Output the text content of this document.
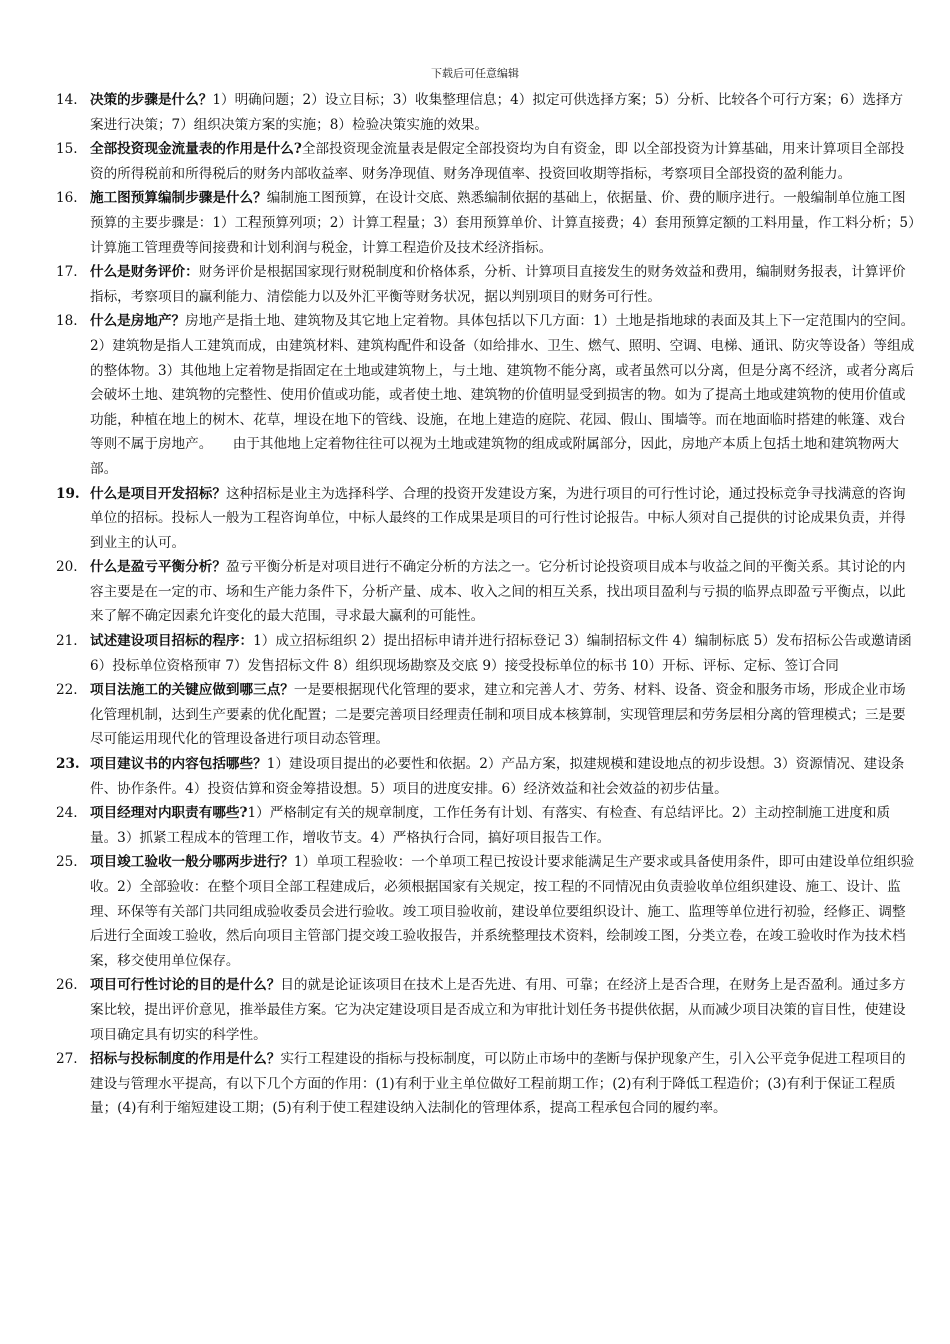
下载后可任意编辑
14. 决策的步骤是什么？1）明确问题；2）设立目标；3）收集整理信息；4）拟定可供选择方案；5）分析、比较各个可行方案；6）选择方案进行决策；7）组织决策方案的实施；8）检验决策实施的效果。
15. 全部投资现金流量表的作用是什么?全部投资现金流量表是假定全部投资均为自有资金，即 以全部投资为计算基础，用来计算项目全部投资的所得税前和所得税后的财务内部收益率、财务净现值、财务净现值率、投资回收期等指标，考察项目全部投资的盈利能力。
16. 施工图预算编制步骤是什么？编制施工图预算，在设计交底、熟悉编制依据的基础上，依据量、价、费的顺序进行。一般编制单位施工图预算的主要步骤是：1）工程预算列项；2）计算工程量；3）套用预算单价、计算直接费；4）套用预算定额的工料用量，作工料分析；5）计算施工管理费等间接费和计划利润与税金，计算工程造价及技术经济指标。
17. 什么是财务评价：财务评价是根据国家现行财税制度和价格体系，分析、计算项目直接发生的财务效益和费用，编制财务报表，计算评价指标，考察项目的赢利能力、清偿能力以及外汇平衡等财务状况，据以判别项目的财务可行性。
18. 什么是房地产？房地产是指土地、建筑物及其它地上定着物。具体包括以下几方面：1）土地是指地球的表面及其上下一定范围内的空间。2）建筑物是指人工建筑而成，由建筑材料、建筑构配件和设备（如给排水、卫生、燃气、照明、空调、电梯、通讯、防灾等设备）等组成的整体物。3）其他地上定着物是指固定在土地或建筑物上，与土地、建筑物不能分离，或者虽然可以分离，但是分离不经济，或者分离后会破坏土地、建筑物的完整性、使用价值或功能，或者使土地、建筑物的价值明显受到损害的物。如为了提高土地或建筑物的使用价值或功能，种植在地上的树木、花草，埋设在地下的管线、设施，在地上建造的庭院、花园、假山、围墙等。而在地面临时搭建的帐篷、戏台等则不属于房地产。　　由于其他地上定着物往往可以视为土地或建筑物的组成或附属部分，因此，房地产本质上包括土地和建筑物两大部。
19. 什么是项目开发招标？这种招标是业主为选择科学、合理的投资开发建设方案，为进行项目的可行性讨论，通过投标竞争寻找满意的咨询单位的招标。投标人一般为工程咨询单位，中标人最终的工作成果是项目的可行性讨论报告。中标人须对自己提供的讨论成果负责，并得到业主的认可。
20. 什么是盈亏平衡分析？盈亏平衡分析是对项目进行不确定分析的方法之一。它分析讨论投资项目成本与收益之间的平衡关系。其讨论的内容主要是在一定的市、场和生产能力条件下，分析产量、成本、收入之间的相互关系，找出项目盈利与亏损的临界点即盈亏平衡点，以此来了解不确定因素允许变化的最大范围，寻求最大赢利的可能性。
21. 试述建设项目招标的程序：1）成立招标组织 2）提出招标申请并进行招标登记 3）编制招标文件 4）编制标底 5）发布招标公告或邀请函 6）投标单位资格预审 7）发售招标文件 8）组织现场勘察及交底 9）接受投标单位的标书 10）开标、评标、定标、签订合同
22. 项目法施工的关键应做到哪三点？一是要根据现代化管理的要求，建立和完善人才、劳务、材料、设备、资金和服务市场，形成企业市场化管理机制，达到生产要素的优化配置；二是要完善项目经理责任制和项目成本核算制，实现管理层和劳务层相分离的管理模式；三是要尽可能运用现代化的管理设备进行项目动态管理。
23. 项目建议书的内容包括哪些？1）建设项目提出的必要性和依据。2）产品方案，拟建规模和建设地点的初步设想。3）资源情况、建设条件、协作条件。4）投资估算和资金筹措设想。5）项目的进度安排。6）经济效益和社会效益的初步估量。
24. 项目经理对内职责有哪些?1）严格制定有关的规章制度，工作任务有计划、有落实、有检查、有总结评比。2）主动控制施工进度和质量。3）抓紧工程成本的管理工作，增收节支。4）严格执行合同，搞好项目报告工作。
25. 项目竣工验收一般分哪两步进行？1）单项工程验收：一个单项工程已按设计要求能满足生产要求或具备使用条件，即可由建设单位组织验收。2）全部验收：在整个项目全部工程建成后，必须根据国家有关规定，按工程的不同情况由负责验收单位组织建设、施工、设计、监理、环保等有关部门共同组成验收委员会进行验收。竣工项目验收前，建设单位要组织设计、施工、监理等单位进行初验，经修正、调整后进行全面竣工验收，然后向项目主管部门提交竣工验收报告，并系统整理技术资料，绘制竣工图，分类立卷，在竣工验收时作为技术档案，移交使用单位保存。
26. 项目可行性讨论的目的是什么？目的就是论证该项目在技术上是否先进、有用、可靠；在经济上是否合理，在财务上是否盈利。通过多方案比较，提出评价意见，推举最佳方案。它为决定建设项目是否成立和为审批计划任务书提供依据，从而减少项目决策的盲目性，使建设项目确定具有切实的科学性。
27. 招标与投标制度的作用是什么？实行工程建设的指标与投标制度，可以防止市场中的垄断与保护现象产生，引入公平竞争促进工程项目的建设与管理水平提高，有以下几个方面的作用：(1)有利于业主单位做好工程前期工作；(2)有利于降低工程造价；(3)有利于保证工程质量；(4)有利于缩短建设工期；(5)有利于使工程建设纳入法制化的管理体系，提高工程承包合同的履约率。
